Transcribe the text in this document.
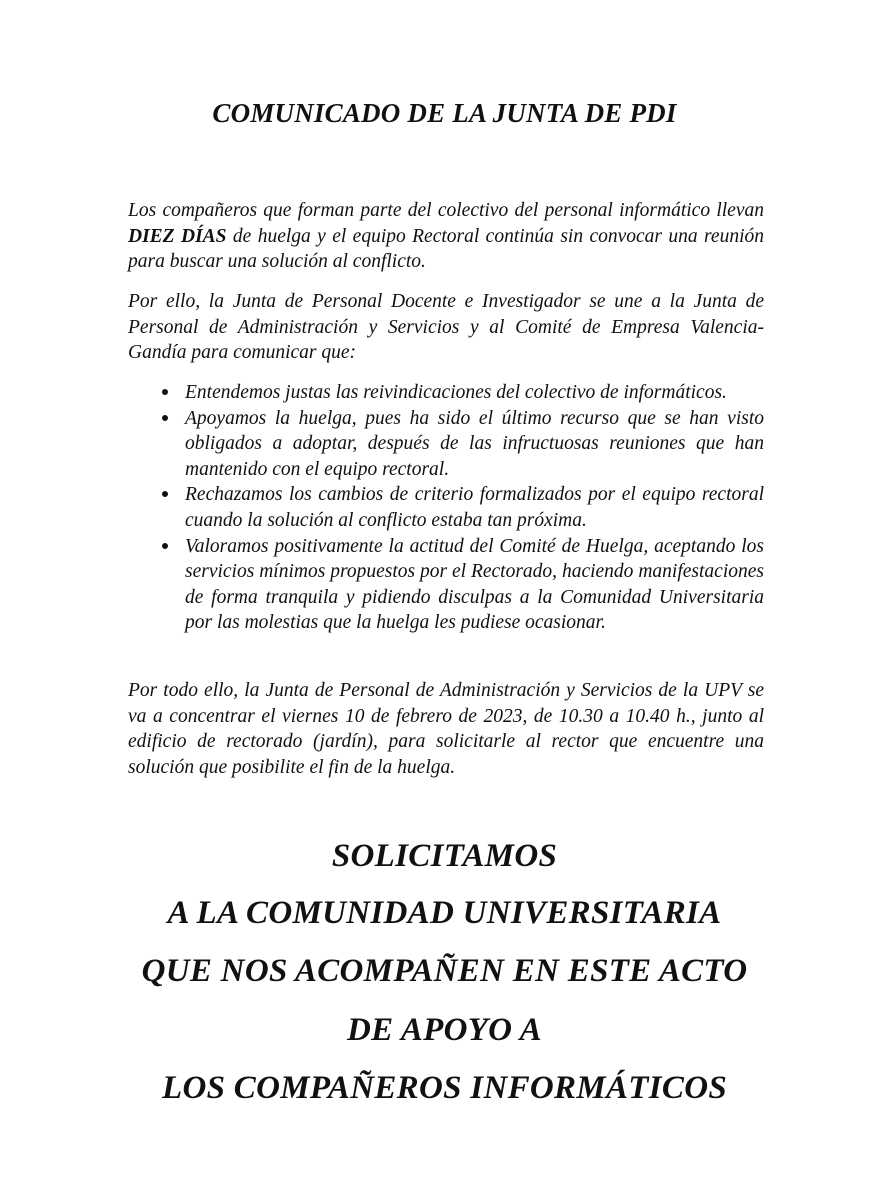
COMUNICADO DE LA JUNTA DE PDI

Los compañeros que forman parte del colectivo del personal informático llevan DIEZ DÍAS de huelga y el equipo Rectoral continúa sin convocar una reunión para buscar una solución al conflicto.

Por ello, la Junta de Personal Docente e Investigador se une a la Junta de Personal de Administración y Servicios y al Comité de Empresa Valencia-Gandía para comunicar que:

Entendemos justas las reivindicaciones del colectivo de informáticos.
Apoyamos la huelga, pues ha sido el último recurso que se han visto obligados a adoptar, después de las infructuosas reuniones que han mantenido con el equipo rectoral.
Rechazamos los cambios de criterio formalizados por el equipo rectoral cuando la solución al conflicto estaba tan próxima.
Valoramos positivamente la actitud del Comité de Huelga, aceptando los servicios mínimos propuestos por el Rectorado, haciendo manifestaciones de forma tranquila y pidiendo disculpas a la Comunidad Universitaria por las molestias que la huelga les pudiese ocasionar.

Por todo ello, la Junta de Personal de Administración y Servicios de la UPV se va a concentrar el viernes 10 de febrero de 2023, de 10.30 a 10.40 h., junto al edificio de rectorado (jardín), para solicitarle al rector que encuentre una solución que posibilite el fin de la huelga.

SOLICITAMOS
A LA COMUNIDAD UNIVERSITARIA
QUE NOS ACOMPAÑEN EN ESTE ACTO
DE APOYO A
LOS COMPAÑEROS INFORMÁTICOS
